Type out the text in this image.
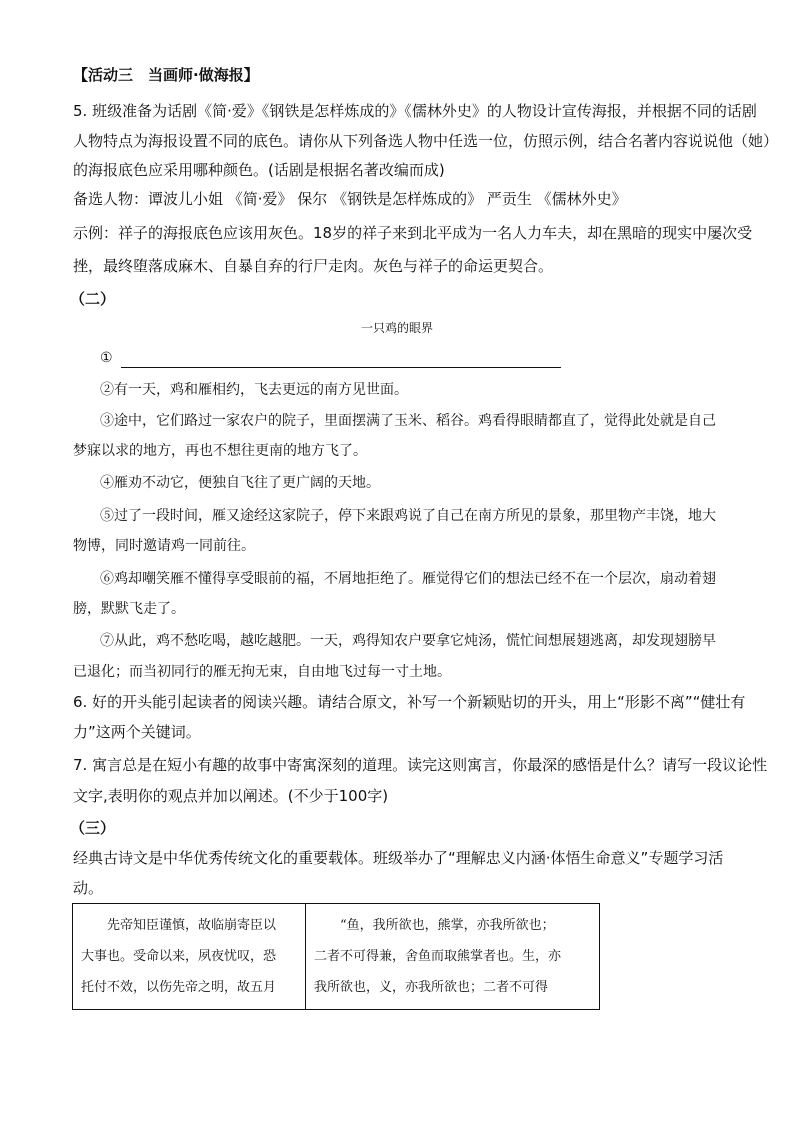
【活动三　当画师·做海报】
5. 班级准备为话剧《简·爱》《钢铁是怎样炼成的》《儒林外史》的人物设计宣传海报，并根据不同的话剧
人物特点为海报设置不同的底色。请你从下列备选人物中任选一位，仿照示例，结合名著内容说说他（她）
的海报底色应采用哪种颜色。(话剧是根据名著改编而成)
备选人物：谭波儿小姐 《简·爱》 保尔 《钢铁是怎样炼成的》 严贡生 《儒林外史》
示例：祥子的海报底色应该用灰色。18岁的祥子来到北平成为一名人力车夫，却在黑暗的现实中屡次受
挫，最终堕落成麻木、自暴自弃的行尸走肉。灰色与祥子的命运更契合。
（二）
一只鸡的眼界
①
②有一天，鸡和雁相约，飞去更远的南方见世面。
③途中，它们路过一家农户的院子，里面摆满了玉米、稻谷。鸡看得眼睛都直了，觉得此处就是自己
梦寐以求的地方，再也不想往更南的地方飞了。
④雁劝不动它，便独自飞往了更广阔的天地。
⑤过了一段时间，雁又途经这家院子，停下来跟鸡说了自己在南方所见的景象，那里物产丰饶，地大
物博，同时邀请鸡一同前往。
⑥鸡却嘲笑雁不懂得享受眼前的福，不屑地拒绝了。雁觉得它们的想法已经不在一个层次，扇动着翅
膀，默默飞走了。
⑦从此，鸡不愁吃喝，越吃越肥。一天，鸡得知农户要拿它炖汤，慌忙间想展翅逃离，却发现翅膀早
已退化；而当初同行的雁无拘无束，自由地飞过每一寸土地。
6. 好的开头能引起读者的阅读兴趣。请结合原文，补写一个新颖贴切的开头，用上“形影不离”“健壮有
力”这两个关键词。
7. 寓言总是在短小有趣的故事中寄寓深刻的道理。读完这则寓言，你最深的感悟是什么？请写一段议论性
文字,表明你的观点并加以阐述。(不少于100字)
（三）
经典古诗文是中华优秀传统文化的重要载体。班级举办了“理解忠义内涵·体悟生命意义”专题学习活
动。
　　先帝知臣谨慎，故临崩寄臣以
大事也。受命以来，夙夜忧叹，恐
托付不效，以伤先帝之明，故五月

　　“鱼，我所欲也，熊掌，亦我所欲也；
二者不可得兼，舍鱼而取熊掌者也。生，亦
我所欲也，义，亦我所欲也；二者不可得
